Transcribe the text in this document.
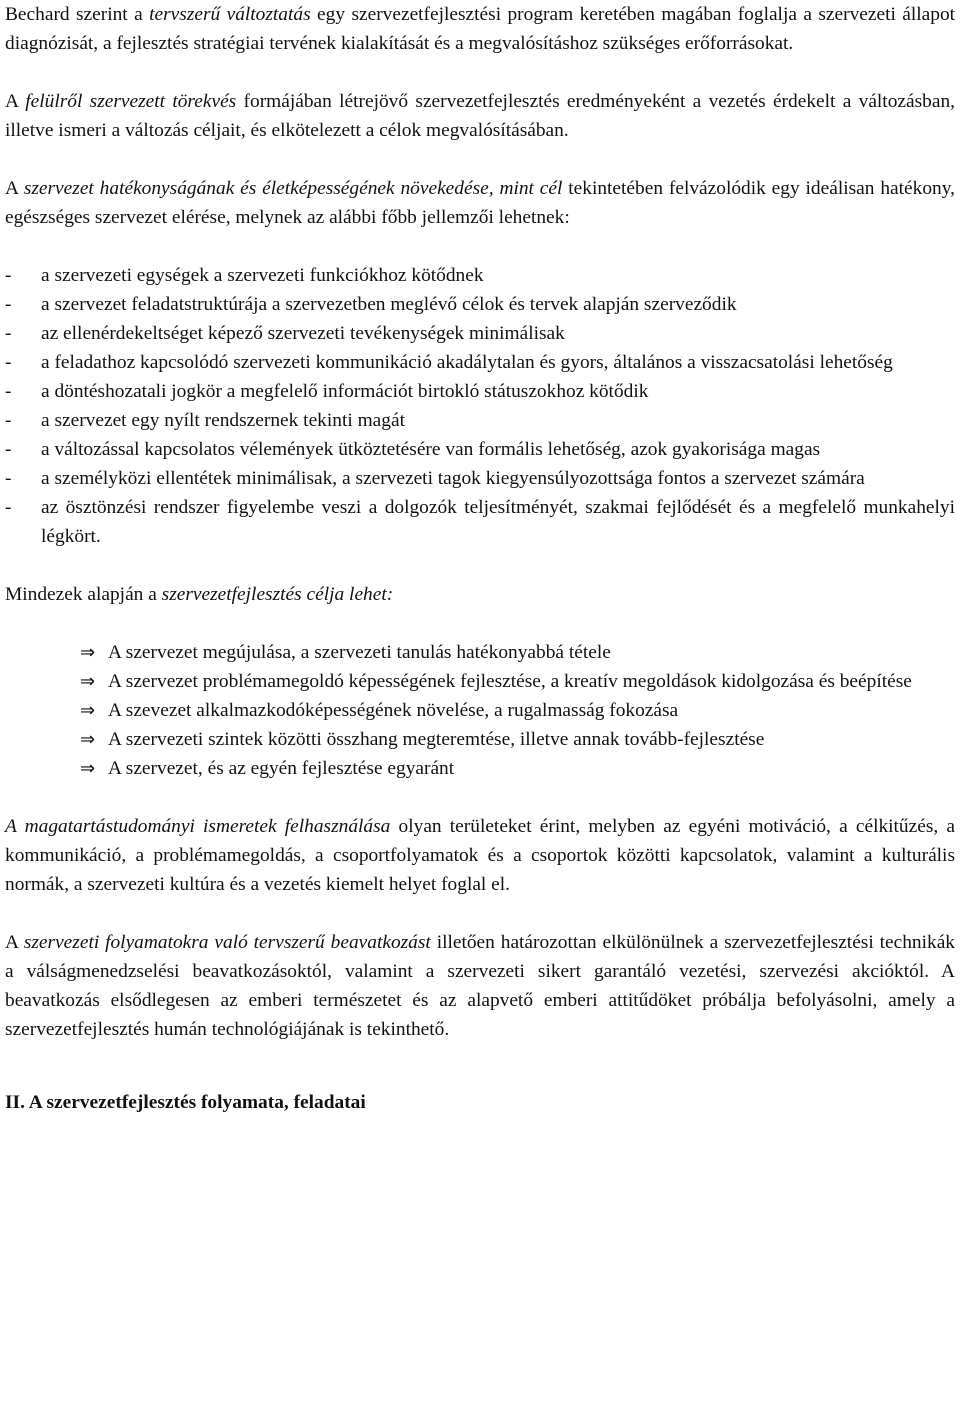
Bechard szerint a tervszerű változtatás egy szervezetfejlesztési program keretében magában foglalja a szervezeti állapot diagnózisát, a fejlesztés stratégiai tervének kialakítását és a megvalósításhoz szükséges erőforrásokat.

A felülről szervezett törekvés formájában létrejövő szervezetfejlesztés eredményeként a vezetés érdekelt a változásban, illetve ismeri a változás céljait, és elkötelezett a célok megvalósításában.

A szervezet hatékonyságának és életképességének növekedése, mint cél tekintetében felvázolódik egy ideálisan hatékony, egészséges szervezet elérése, melynek az alábbi főbb jellemzői lehetnek:

- a szervezeti egységek a szervezeti funkciókhoz kötődnek
- a szervezet feladatstruktúrája a szervezetben meglévő célok és tervek alapján szerveződik
- az ellenérdekeltséget képező szervezeti tevékenységek minimálisak
- a feladathoz kapcsolódó szervezeti kommunikáció akadálytalan és gyors, általános a visszacsatolási lehetőség
- a döntéshozatali jogkör a megfelelő információt birtokló státuszokhoz kötődik
- a szervezet egy nyílt rendszernek tekinti magát
- a változással kapcsolatos vélemények ütköztetésére van formális lehetőség, azok gyakorisága magas
- a személyközi ellentétek minimálisak, a szervezeti tagok kiegyensúlyozottsága fontos a szervezet számára
- az ösztönzési rendszer figyelembe veszi a dolgozók teljesítményét, szakmai fejlődését és a megfelelő munkahelyi légkört.

Mindezek alapján a szervezetfejlesztés célja lehet:

⇒ A szervezet megújulása, a szervezeti tanulás hatékonyabbá tétele
⇒ A szervezet problémamegoldó képességének fejlesztése, a kreatív megoldások kidolgozása és beépítése
⇒ A szevezet alkalmazkodóképességének növelése, a rugalmasság fokozása
⇒ A szervezeti szintek közötti összhang megteremtése, illetve annak tovább-fejlesztése
⇒ A szervezet, és az egyén fejlesztése egyaránt

A magatartástudományi ismeretek felhasználása olyan területeket érint, melyben az egyéni motiváció, a célkitűzés, a kommunikáció, a problémamegoldás, a csoportfolyamatok és a csoportok közötti kapcsolatok, valamint a kulturális normák, a szervezeti kultúra és a vezetés kiemelt helyet foglal el.

A szervezeti folyamatokra való tervszerű beavatkozást illetően határozottan elkülönülnek a szervezetfejlesztési technikák a válságmenedzselési beavatkozásoktól, valamint a szervezeti sikert garantáló vezetési, szervezési akcióktól. A beavatkozás elsődlegesen az emberi természetet és az alapvető emberi attitűdöket próbálja befolyásolni, amely a szervezetfejlesztés humán technológiájának is tekinthető.

II. A szervezetfejlesztés folyamata, feladatai
